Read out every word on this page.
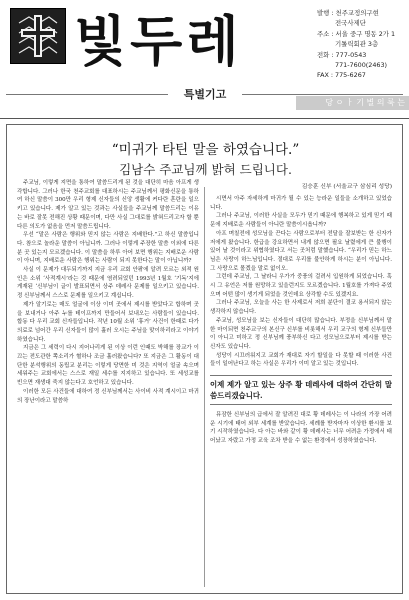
빛두레	발행 : 천주교정의구현
전국사제단
주소 : 서울 중구 명동 2가 1
기톨릭회관 3층
전화 : 777-0543
771-7600(2463)
FAX : 775-6267
특별기고
당 ㅇ ㅏ 기 별 의 룩 는
“미귀가 타틴 말을 하였습니다.”
김남수 주교님께 밝혀 드립니다.

주교님, 이렇게 지면을 통하여 말씀드리게 된 것을 대단히 마음 아프게 생각합니다. 그러나 한국 천주교회를 대표하시는 주교님께서 평화신문을 통하여 하신 말씀이 300만 우리 형제 신자들의 신앙 생활에 커다란 혼란을 일으키고 있습니다. 제가 알고 있는 것과는 사실들을 주교님께 말씀드리는 이유는 바로 잘못 전해진 상황 때문이며, 다만 사실 그대로를 밝혀드리고자 할 뿐 다른 의도가 없음을 먼저 말씀드립니다.

우선 “말은 사람은 행위와 믿지 않는 사람은 지배한다.”고 하신 말씀입니다. 참으로 놀라운 말씀이 아닙니까. 그러나 이렇게 주장한 말씀 이외에 다른 분 곳 있는지 모르겠습니다. 이 말씀을 하루 아어 보면 행위는 지배로운 사람이 아니며, 지배로운 사람은 행위는 사람이 되지 못한다는 말이 아닙니까?

사실 이 문제가 대두되기까지 지금 우리 교회 안팎에 알려 모르는 외적 원인은 소위 ‘사적계시’라는 것 때문에 염려되었던 1993년 1월호 ‘기독’지에 게재된 ‘신부님이 글이 발표되면서 상주 데레사 문제를 일으키고 있습니다. 정 신부님께서 스스로 문제를 일으키고 계십니다.

제가 알기로는 매도 얼굴에 이상 이미 곳에서 제시를 받았다고 합하며 곳을 보내거나 아주 누를 테이프까지 만들어서 보내오는 사람들이 있습니다. 합동 다 우리 교회 신자들입니다. 작년 10월 소위 ‘휴거’ 사건이 한때로 다가 의료로 넘어간 우리 신자들이 많이 흘러 오시는 주님을 맞이하리라고 이야기하였습니다.

지금은 그 세력이 다시 지어나리게 된 이상 이런 인때도 박해를 장교가 이끄는 전도관한 쪽소리가 혈하나 조금 흘러왔습니다? 또 지금은 그 활동이 대단한 분석행위의 동립교 분리는 이렇게 당면한 미 것은 지역이 얼굴 속으며 세워주는 교회에서는 스스로 재일 세수를 지지하고 있습니다. 또 세성교를 빈으면 재생대 죽지 않는다고 호언하고 있습니다.

이러한 모든 사건들에 대하여 정 신부님께서는 사이비 사적 계시이고 마귀의 장난이라고 말씀하

김승훈 신부 (서울교구 삼심리 성당)

시면서 아주 자세하게 마귀가 될 수 있는 능라운 일들을 소개하고 있었습니다.

그러나 주교님, 이러한 사실을 모두가 믿기 때문에 행복하고 있게 믿기 때문에 지배로운 사람들이 아니란 말씀이시옵니까?

아프 며칠전에 성모님을 끈다는 사람으로부터 전달을 잘보받는 한 신자가 저에게 왔습니다. 한급을 강요하면서 내게 않으면 필요 날렸에게 큰 불행이 있어 날 것이라고 위협하였다고 서는 곳처럼 말했습니다. “우리가 믿는 하느님은 사랑이 하느님입니다. 절대로 우리를 불안하게 하시는 분이 아닙니다. 그 사랑으로 몰겠을 말로 없이오.

그런데 주교님, 그 날라니 우가가 중풍의 걸려서 입원하게 되었습니다. 혹시 그 유언은 저를 원망하고 있을런지도 모르겠습니다. 1월호를 가져다 주었으며 어떤 많이 생기게 되었을 것인데요 상각할 수도 있겠지요.

그러나 주교님, 오늘을 사는 한 사제로서 저희 분단이 결코 용서되지 않는 생각하지 않습니다.

주교님, 성모님을 보는 신자들이 대단히 많습니다. 부정을 신부님께서 말한 마이되면 천주교구의 본신구 신부를 비롯해서 우리 교구의 형제 신부들만이 아니고 미하고 정 신부님께 풍부하신 다고 성모님으로부터 제시를 받는 신자도 있습니다.

성당이 시끄러워지고 교회가 재대로 자기 할일을 다 못할 때 이러한 사건들이 일어난다고 하는 사실은 우리가 이미 알고 있는 것입니다.

이제 제가 알고 있는 상주 황 데레사에 대하여 간단히 말씀드리겠습니다.

뮤잠한 신부님의 급에서 잘 알려진 대로 황 데레사는 이 나라의 가장 어려운 시기에 태어 외부 세계를 받았습니다. 세례를 받자마자 이상한 환시를 보기 시작하였습니다. 다 아는 바와 같이 황 데레사는 너무 어려운 가정에서 태어났고 자랐고 가정 교육 조차 받을 수 없는 환경에서 성장하였습니다.
